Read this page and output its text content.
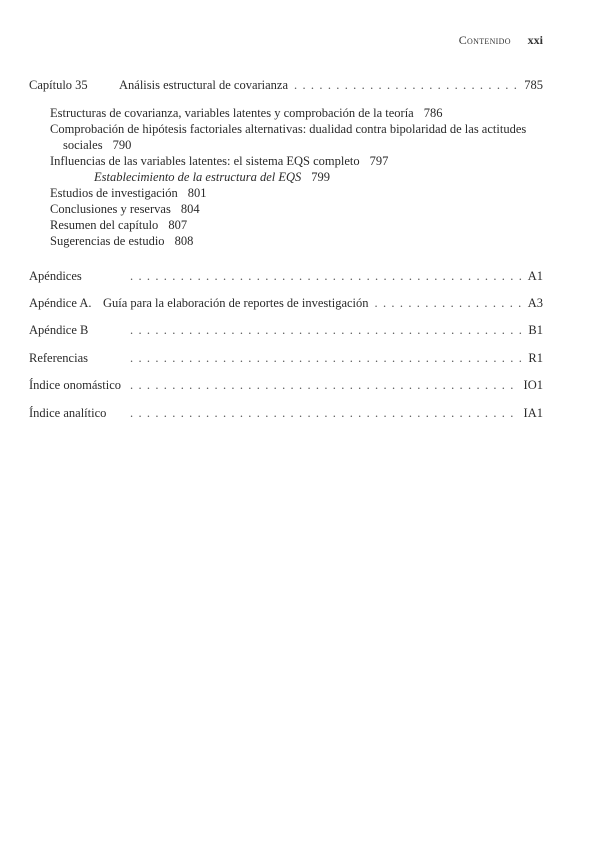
Contenido xxi
Capítulo 35	Análisis estructural de covarianza . . .	785
Estructuras de covarianza, variables latentes y comprobación de la teoría 786
Comprobación de hipótesis factoriales alternativas: dualidad contra bipolaridad de las actitudes sociales 790
Influencias de las variables latentes: el sistema EQS completo 797
Establecimiento de la estructura del EQS 799
Estudios de investigación 801
Conclusiones y reservas 804
Resumen del capítulo 807
Sugerencias de estudio 808
Apéndices . . .	A1
Apéndice A. Guía para la elaboración de reportes de investigación . . .	A3
Apéndice B . . .	B1
Referencias . . .	R1
Índice onomástico . . .	IO1
Índice analítico . . .	IA1
